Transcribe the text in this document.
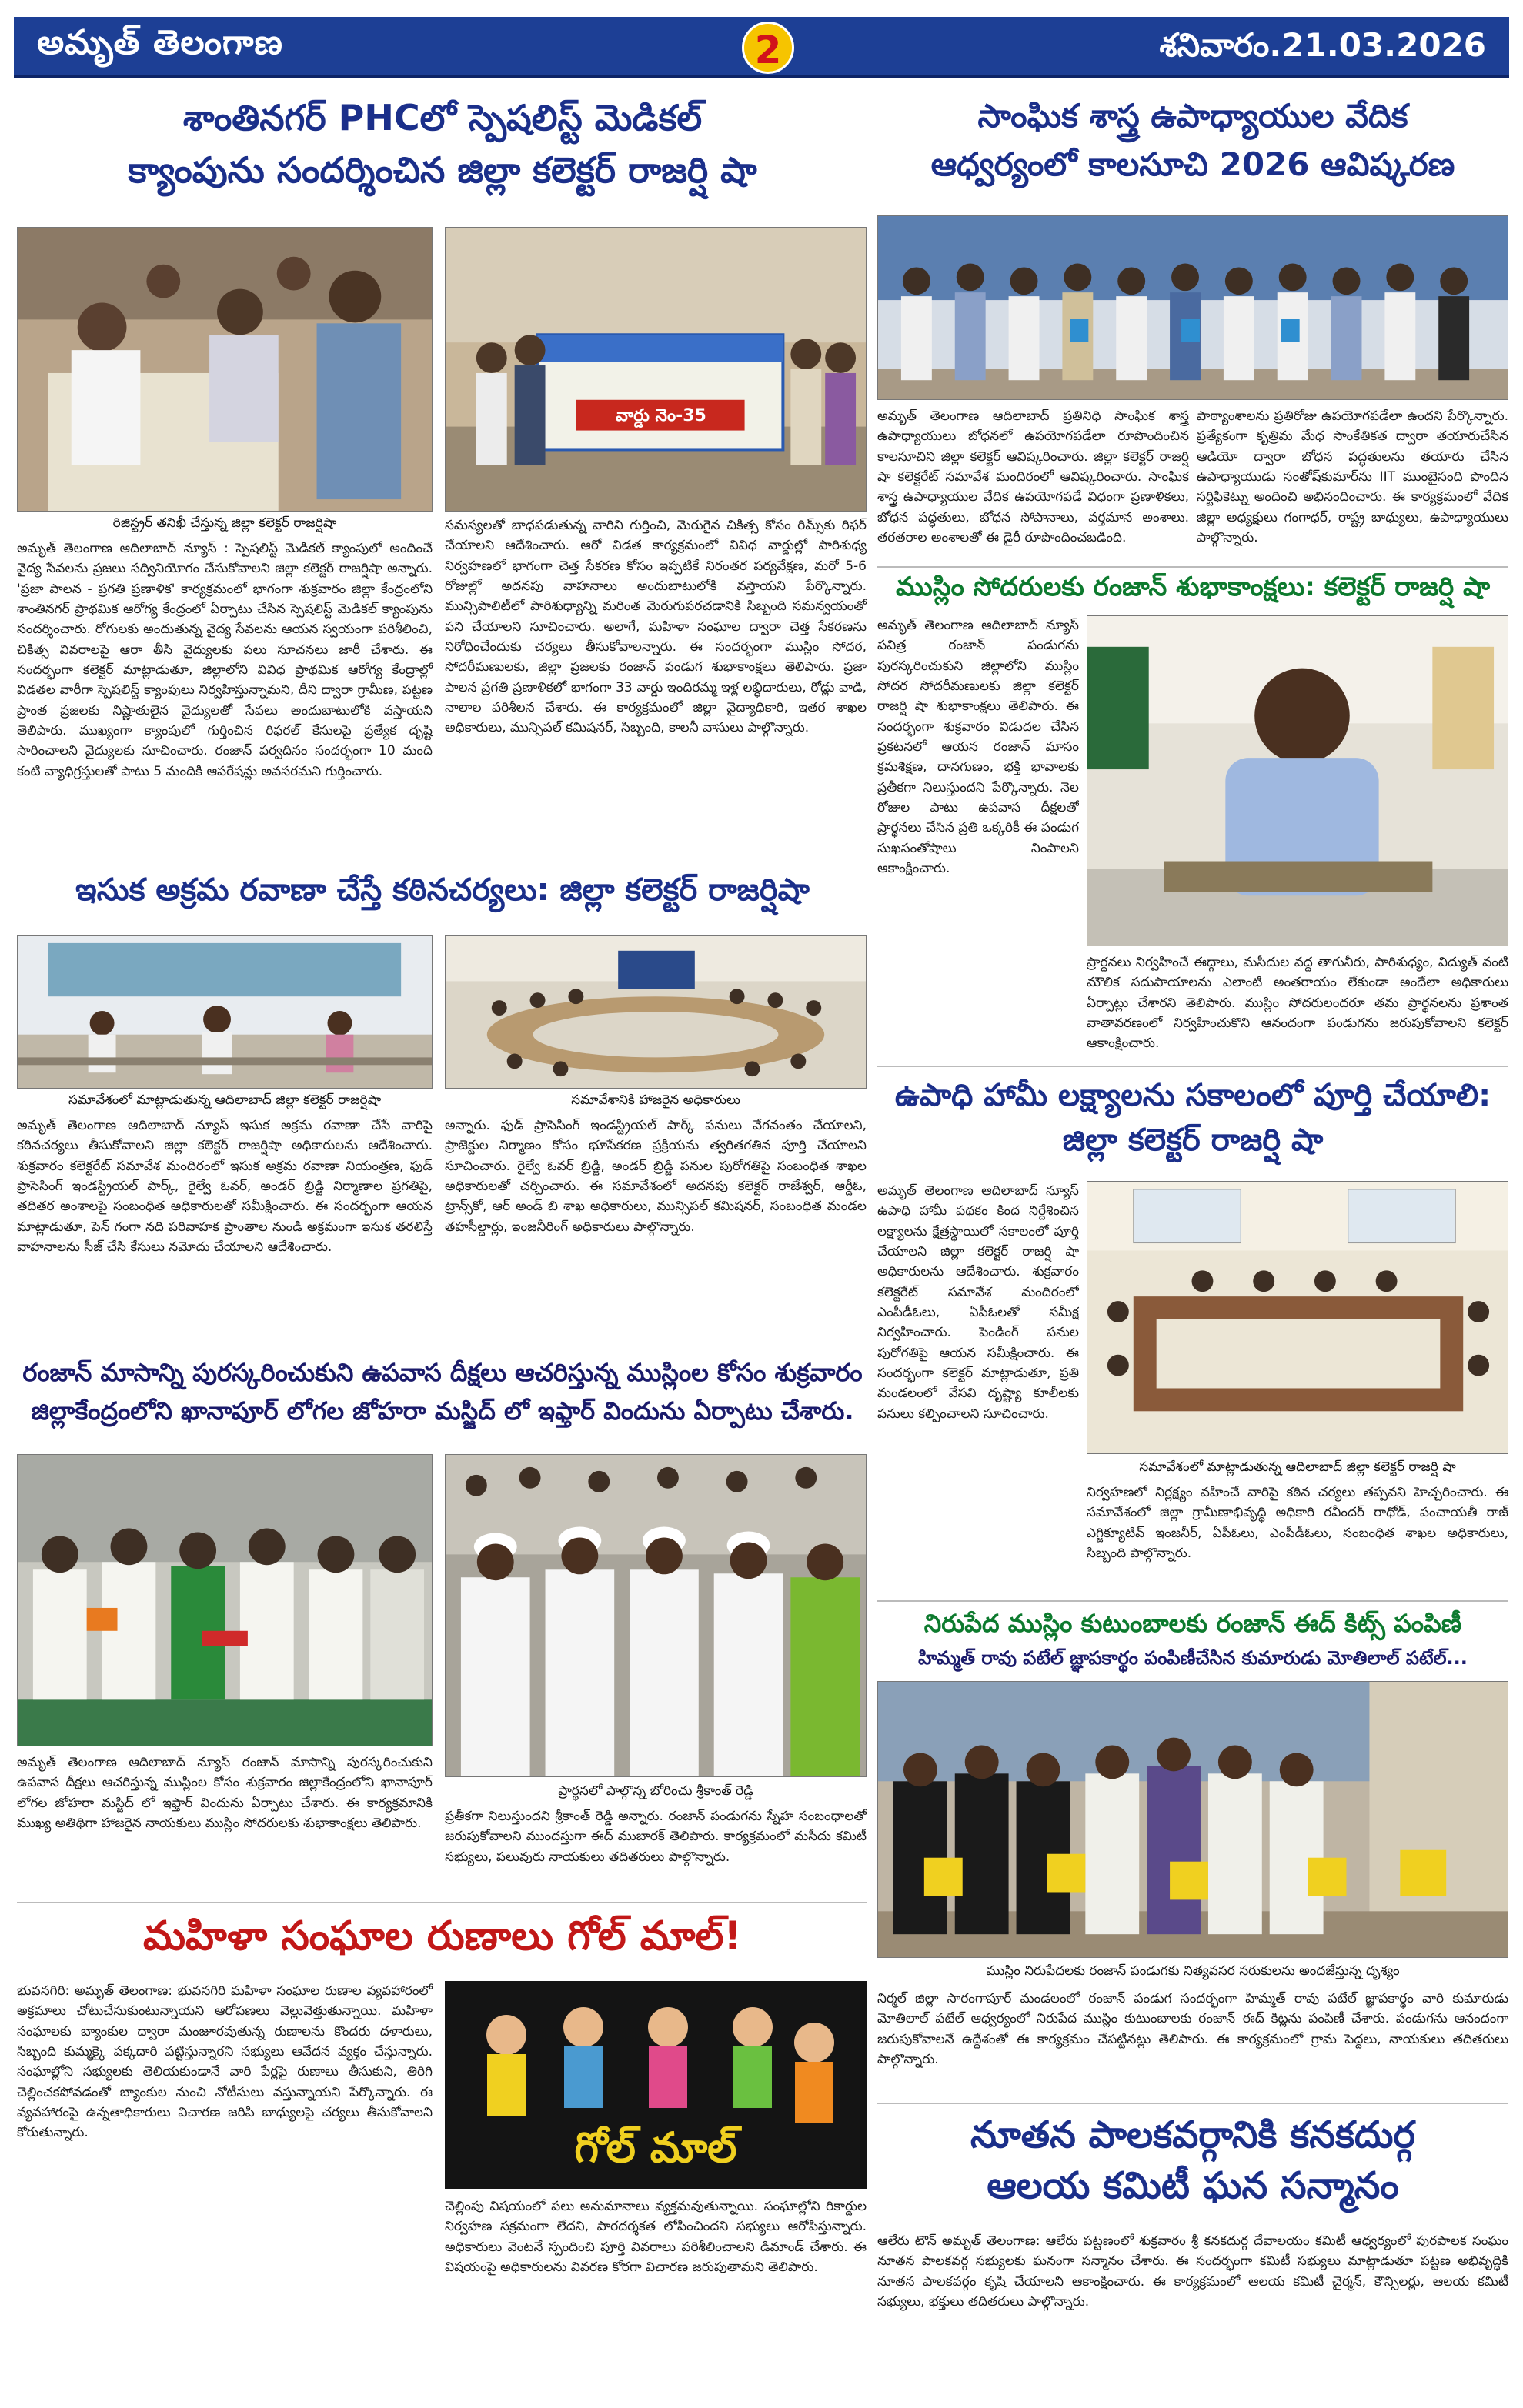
అమృత్ తెలంగాణ	2	శనివారం.21.03.2026
శాంతినగర్ PHCలో స్పెషలిస్ట్ మెడికల్
క్యాంపును సందర్శించిన జిల్లా కలెక్టర్ రాజర్షి షా
వార్డు నెం-35
రిజిస్ట్రర్ తనిఖీ చేస్తున్న జిల్లా కలెక్టర్ రాజర్షిషా
అమృత్ తెలంగాణ ఆదిలాబాద్ న్యూస్ : స్పెషలిస్ట్ మెడికల్ క్యాంపులో అందించే వైద్య సేవలను ప్రజలు సద్వినియోగం చేసుకోవాలని జిల్లా కలెక్టర్ రాజర్షిషా అన్నారు. 'ప్రజా పాలన - ప్రగతి ప్రణాళిక' కార్యక్రమంలో భాగంగా శుక్రవారం జిల్లా కేంద్రంలోని శాంతినగర్ ప్రాథమిక ఆరోగ్య కేంద్రంలో ఏర్పాటు చేసిన స్పెషలిస్ట్ మెడికల్ క్యాంపును సందర్శించారు. రోగులకు అందుతున్న వైద్య సేవలను ఆయన స్వయంగా పరిశీలించి, చికిత్స వివరాలపై ఆరా తీసి వైద్యులకు పలు సూచనలు జారీ చేశారు. ఈ సందర్భంగా కలెక్టర్ మాట్లాడుతూ, జిల్లాలోని వివిధ ప్రాథమిక ఆరోగ్య కేంద్రాల్లో విడతల వారీగా స్పెషలిస్ట్ క్యాంపులు నిర్వహిస్తున్నామని, దీని ద్వారా గ్రామీణ, పట్టణ ప్రాంత ప్రజలకు నిష్ణాతులైన వైద్యులతో సేవలు అందుబాటులోకి వస్తాయని తెలిపారు. ముఖ్యంగా క్యాంపులో గుర్తించిన రిఫరల్ కేసులపై ప్రత్యేక దృష్టి సారించాలని వైద్యులకు సూచించారు. రంజాన్ పర్వదినం సందర్భంగా 10 మంది కంటి వ్యాధిగ్రస్తులతో పాటు 5 మందికి ఆపరేషన్లు అవసరమని గుర్తించారు.
సమస్యలతో బాధపడుతున్న వారిని గుర్తించి, మెరుగైన చికిత్స కోసం రిమ్స్‌కు రిఫర్ చేయాలని ఆదేశించారు. ఆరో విడత కార్యక్రమంలో వివిధ వార్డుల్లో పారిశుధ్య నిర్వహణలో భాగంగా చెత్త సేకరణ కోసం ఇప్పటికే నిరంతర పర్యవేక్షణ, మరో 5-6 రోజుల్లో అదనపు వాహనాలు అందుబాటులోకి వస్తాయని పేర్కొన్నారు. మున్సిపాలిటీలో పారిశుధ్యాన్ని మరింత మెరుగుపరచడానికి సిబ్బంది సమన్వయంతో పని చేయాలని సూచించారు. అలాగే, మహిళా సంఘాల ద్వారా చెత్త సేకరణను నిరోధించేందుకు చర్యలు తీసుకోవాలన్నారు. ఈ సందర్భంగా ముస్లిం సోదర, సోదరీమణులకు, జిల్లా ప్రజలకు రంజాన్ పండుగ శుభాకాంక్షలు తెలిపారు. ప్రజా పాలన ప్రగతి ప్రణాళికలో భాగంగా 33 వార్డు ఇందిరమ్మ ఇళ్ల లబ్ధిదారులు, రోడ్లు వాడి, నాలాల పరిశీలన చేశారు. ఈ కార్యక్రమంలో జిల్లా వైద్యాధికారి, ఇతర శాఖల అధికారులు, మున్సిపల్ కమిషనర్, సిబ్బంది, కాలనీ వాసులు పాల్గొన్నారు.
సాంఘిక శాస్త్ర ఉపాధ్యాయుల వేదిక
ఆధ్వర్యంలో కాలసూచి 2026 ఆవిష్కరణ
అమృత్ తెలంగాణ ఆదిలాబాద్ ప్రతినిధి సాంఘిక శాస్త్ర ఉపాధ్యాయులు బోధనలో ఉపయోగపడేలా రూపొందించిన కాలసూచిని జిల్లా కలెక్టర్ ఆవిష్కరించారు. జిల్లా కలెక్టర్ రాజర్షి షా కలెక్టరేట్ సమావేశ మందిరంలో ఆవిష్కరించారు. సాంఘిక శాస్త్ర ఉపాధ్యాయుల వేదిక ఉపయోగపడే విధంగా ప్రణాళికలు, బోధన పద్ధతులు, బోధన సోపానాలు, వర్తమాన అంశాలు. తరతరాల అంశాలతో ఈ డైరీ రూపొందించబడింది.
పాఠ్యాంశాలను ప్రతిరోజు ఉపయోగపడేలా ఉందని పేర్కొన్నారు. ప్రత్యేకంగా కృత్రిమ మేధ సాంకేతికత ద్వారా తయారుచేసిన ఆడియో ద్వారా బోధన పద్ధతులను తయారు చేసిన ఉపాధ్యాయుడు సంతోష్‌కుమార్‌ను IIT ముంబైసంది పొందిన సర్టిఫికెట్ను అందించి అభినందించారు. ఈ కార్యక్రమంలో వేదిక జిల్లా అధ్యక్షులు గంగాధర్, రాష్ట్ర బాధ్యులు, ఉపాధ్యాయులు పాల్గొన్నారు.
ముస్లిం సోదరులకు రంజాన్ శుభాకాంక్షలు: కలెక్టర్ రాజర్షి షా
అమృత్ తెలంగాణ ఆదిలాబాద్ న్యూస్ పవిత్ర రంజాన్ పండుగను పురస్కరించుకుని జిల్లాలోని ముస్లిం సోదర సోదరీమణులకు జిల్లా కలెక్టర్ రాజర్షి షా శుభాకాంక్షలు తెలిపారు. ఈ సందర్భంగా శుక్రవారం విడుదల చేసిన ప్రకటనలో ఆయన రంజాన్ మాసం క్రమశిక్షణ, దానగుణం, భక్తి భావాలకు ప్రతీకగా నిలుస్తుందని పేర్కొన్నారు. నెల రోజుల పాటు ఉపవాస దీక్షలతో ప్రార్థనలు చేసిన ప్రతి ఒక్కరికీ ఈ పండుగ సుఖసంతోషాలు నింపాలని ఆకాంక్షించారు.
ప్రార్థనలు నిర్వహించే ఈద్గాలు, మసీదుల వద్ద తాగునీరు, పారిశుధ్యం, విద్యుత్ వంటి మౌలిక సదుపాయాలను ఎలాంటి అంతరాయం లేకుండా అందేలా అధికారులు ఏర్పాట్లు చేశారని తెలిపారు. ముస్లిం సోదరులందరూ తమ ప్రార్థనలను ప్రశాంత వాతావరణంలో నిర్వహించుకొని ఆనందంగా పండుగను జరుపుకోవాలని కలెక్టర్ ఆకాంక్షించారు.
ఇసుక అక్రమ రవాణా చేస్తే కఠినచర్యలు: జిల్లా కలెక్టర్ రాజర్షిషా
సమావేశంలో మాట్లాడుతున్న ఆదిలాబాద్ జిల్లా కలెక్టర్ రాజర్షిషా	సమావేశానికి హాజరైన అధికారులు
అమృత్ తెలంగాణ ఆదిలాబాద్ న్యూస్ ఇసుక అక్రమ రవాణా చేసే వారిపై కఠినచర్యలు తీసుకోవాలని జిల్లా కలెక్టర్ రాజర్షిషా అధికారులను ఆదేశించారు. శుక్రవారం కలెక్టరేట్ సమావేశ మందిరంలో ఇసుక అక్రమ రవాణా నియంత్రణ, ఫుడ్ ప్రాసెసింగ్ ఇండస్ట్రియల్ పార్క్, రైల్వే ఓవర్, అండర్ బ్రిడ్జి నిర్మాణాల ప్రగతిపై, తదితర అంశాలపై సంబంధిత అధికారులతో సమీక్షించారు. ఈ సందర్భంగా ఆయన మాట్లాడుతూ, పెన్ గంగా నది పరివాహక ప్రాంతాల నుండి అక్రమంగా ఇసుక తరలిస్తే వాహనాలను సీజ్ చేసి కేసులు నమోదు చేయాలని ఆదేశించారు.
అన్నారు. ఫుడ్ ప్రాసెసింగ్ ఇండస్ట్రియల్ పార్క్ పనులు వేగవంతం చేయాలని, ప్రాజెక్టుల నిర్మాణం కోసం భూసేకరణ ప్రక్రియను త్వరితగతిన పూర్తి చేయాలని సూచించారు. రైల్వే ఓవర్ బ్రిడ్జి, అండర్ బ్రిడ్జి పనుల పురోగతిపై సంబంధిత శాఖల అధికారులతో చర్చించారు. ఈ సమావేశంలో అదనపు కలెక్టర్ రాజేశ్వర్, ఆర్డీఓ, ట్రాన్స్‌కో, ఆర్ అండ్ బి శాఖ అధికారులు, మున్సిపల్ కమిషనర్, సంబంధిత మండల తహసీల్దార్లు, ఇంజనీరింగ్ అధికారులు పాల్గొన్నారు.
ఉపాధి హామీ లక్ష్యాలను సకాలంలో పూర్తి చేయాలి: జిల్లా కలెక్టర్ రాజర్షి షా
అమృత్ తెలంగాణ ఆదిలాబాద్ న్యూస్ ఉపాధి హామీ పథకం కింద నిర్దేశించిన లక్ష్యాలను క్షేత్రస్థాయిలో సకాలంలో పూర్తి చేయాలని జిల్లా కలెక్టర్ రాజర్షి షా అధికారులను ఆదేశించారు. శుక్రవారం కలెక్టరేట్ సమావేశ మందిరంలో ఎంపీడీఓలు, ఏపీఓలతో సమీక్ష నిర్వహించారు. పెండింగ్ పనుల పురోగతిపై ఆయన సమీక్షించారు. ఈ సందర్భంగా కలెక్టర్ మాట్లాడుతూ, ప్రతి మండలంలో వేసవి దృష్ట్యా కూలీలకు పనులు కల్పించాలని సూచించారు.
సమావేశంలో మాట్లాడుతున్న ఆదిలాబాద్ జిల్లా కలెక్టర్ రాజర్షి షా
నిర్వహణలో నిర్లక్ష్యం వహించే వారిపై కఠిన చర్యలు తప్పవని హెచ్చరించారు. ఈ సమావేశంలో జిల్లా గ్రామీణాభివృద్ధి అధికారి రవీందర్ రాథోడ్, పంచాయతీ రాజ్ ఎగ్జిక్యూటివ్ ఇంజనీర్, ఏపీఓలు, ఎంపీడీఓలు, సంబంధిత శాఖల అధికారులు, సిబ్బంది పాల్గొన్నారు.
రంజాన్ మాసాన్ని పురస్కరించుకుని ఉపవాస దీక్షలు ఆచరిస్తున్న ముస్లింల కోసం శుక్రవారం
జిల్లాకేంద్రంలోని ఖానాపూర్ లోగల జోహరా మస్జిద్ లో ఇఫ్తార్ విందును ఏర్పాటు చేశారు.
ప్రార్థనలో పాల్గొన్న బోరించు శ్రీకాంత్ రెడ్డి
అమృత్ తెలంగాణ ఆదిలాబాద్ న్యూస్ రంజాన్ మాసాన్ని పురస్కరించుకుని ఉపవాస దీక్షలు ఆచరిస్తున్న ముస్లింల కోసం శుక్రవారం జిల్లాకేంద్రంలోని ఖానాపూర్ లోగల జోహరా మస్జిద్ లో ఇఫ్తార్ విందును ఏర్పాటు చేశారు. ఈ కార్యక్రమానికి ముఖ్య అతిథిగా హాజరైన నాయకులు ముస్లిం సోదరులకు శుభాకాంక్షలు తెలిపారు.	ప్రతీకగా నిలుస్తుందని శ్రీకాంత్ రెడ్డి అన్నారు. రంజాన్ పండుగను స్నేహ సంబంధాలతో జరుపుకోవాలని ముందస్తుగా ఈద్ ముబారక్ తెలిపారు. కార్యక్రమంలో మసీదు కమిటీ సభ్యులు, పలువురు నాయకులు తదితరులు పాల్గొన్నారు.
నిరుపేద ముస్లిం కుటుంబాలకు రంజాన్ ఈద్ కిట్స్ పంపిణీ
హిమ్మత్ రావు పటేల్ జ్ఞాపకార్థం పంపిణీచేసిన కుమారుడు మోతిలాల్ పటేల్...
ముస్లిం నిరుపేదలకు రంజాన్ పండుగకు నిత్యవసర సరుకులను అందజేస్తున్న దృశ్యం
నిర్మల్ జిల్లా సారంగాపూర్ మండలంలో రంజాన్ పండుగ సందర్భంగా హిమ్మత్ రావు పటేల్ జ్ఞాపకార్థం వారి కుమారుడు మోతిలాల్ పటేల్ ఆధ్వర్యంలో నిరుపేద ముస్లిం కుటుంబాలకు రంజాన్ ఈద్ కిట్లను పంపిణీ చేశారు. పండుగను ఆనందంగా జరుపుకోవాలనే ఉద్దేశంతో ఈ కార్యక్రమం చేపట్టినట్లు తెలిపారు. ఈ కార్యక్రమంలో గ్రామ పెద్దలు, నాయకులు తదితరులు పాల్గొన్నారు.
మహిళా సంఘాల రుణాలు గోల్ మాల్!
భువనగిరి: అమృత్ తెలంగాణ: భువనగిరి మహిళా సంఘాల రుణాల వ్యవహారంలో అక్రమాలు చోటుచేసుకుంటున్నాయని ఆరోపణలు వెల్లువెత్తుతున్నాయి. మహిళా సంఘాలకు బ్యాంకుల ద్వారా మంజూరవుతున్న రుణాలను కొందరు దళారులు, సిబ్బంది కుమ్మక్కై పక్కదారి పట్టిస్తున్నారని సభ్యులు ఆవేదన వ్యక్తం చేస్తున్నారు. సంఘాల్లోని సభ్యులకు తెలియకుండానే వారి పేర్లపై రుణాలు తీసుకుని, తిరిగి చెల్లించకపోవడంతో బ్యాంకుల నుంచి నోటీసులు వస్తున్నాయని పేర్కొన్నారు. ఈ వ్యవహారంపై ఉన్నతాధికారులు విచారణ జరిపి బాధ్యులపై చర్యలు తీసుకోవాలని కోరుతున్నారు.	గోల్ మాల్
చెల్లింపు విషయంలో పలు అనుమానాలు వ్యక్తమవుతున్నాయి. సంఘాల్లోని రికార్డుల నిర్వహణ సక్రమంగా లేదని, పారదర్శకత లోపించిందని సభ్యులు ఆరోపిస్తున్నారు. అధికారులు వెంటనే స్పందించి పూర్తి వివరాలు పరిశీలించాలని డిమాండ్ చేశారు. ఈ విషయంపై అధికారులను వివరణ కోరగా విచారణ జరుపుతామని తెలిపారు.
నూతన పాలకవర్గానికి కనకదుర్గ
ఆలయ కమిటీ ఘన సన్మానం
ఆలేరు టౌన్ అమృత్ తెలంగాణ: ఆలేరు పట్టణంలో శుక్రవారం శ్రీ కనకదుర్గ దేవాలయం కమిటీ ఆధ్వర్యంలో పురపాలక సంఘం నూతన పాలకవర్గ సభ్యులకు ఘనంగా సన్మానం చేశారు. ఈ సందర్భంగా కమిటీ సభ్యులు మాట్లాడుతూ పట్టణ అభివృద్ధికి నూతన పాలకవర్గం కృషి చేయాలని ఆకాంక్షించారు. ఈ కార్యక్రమంలో ఆలయ కమిటీ చైర్మన్, కౌన్సిలర్లు, ఆలయ కమిటీ సభ్యులు, భక్తులు తదితరులు పాల్గొన్నారు.
